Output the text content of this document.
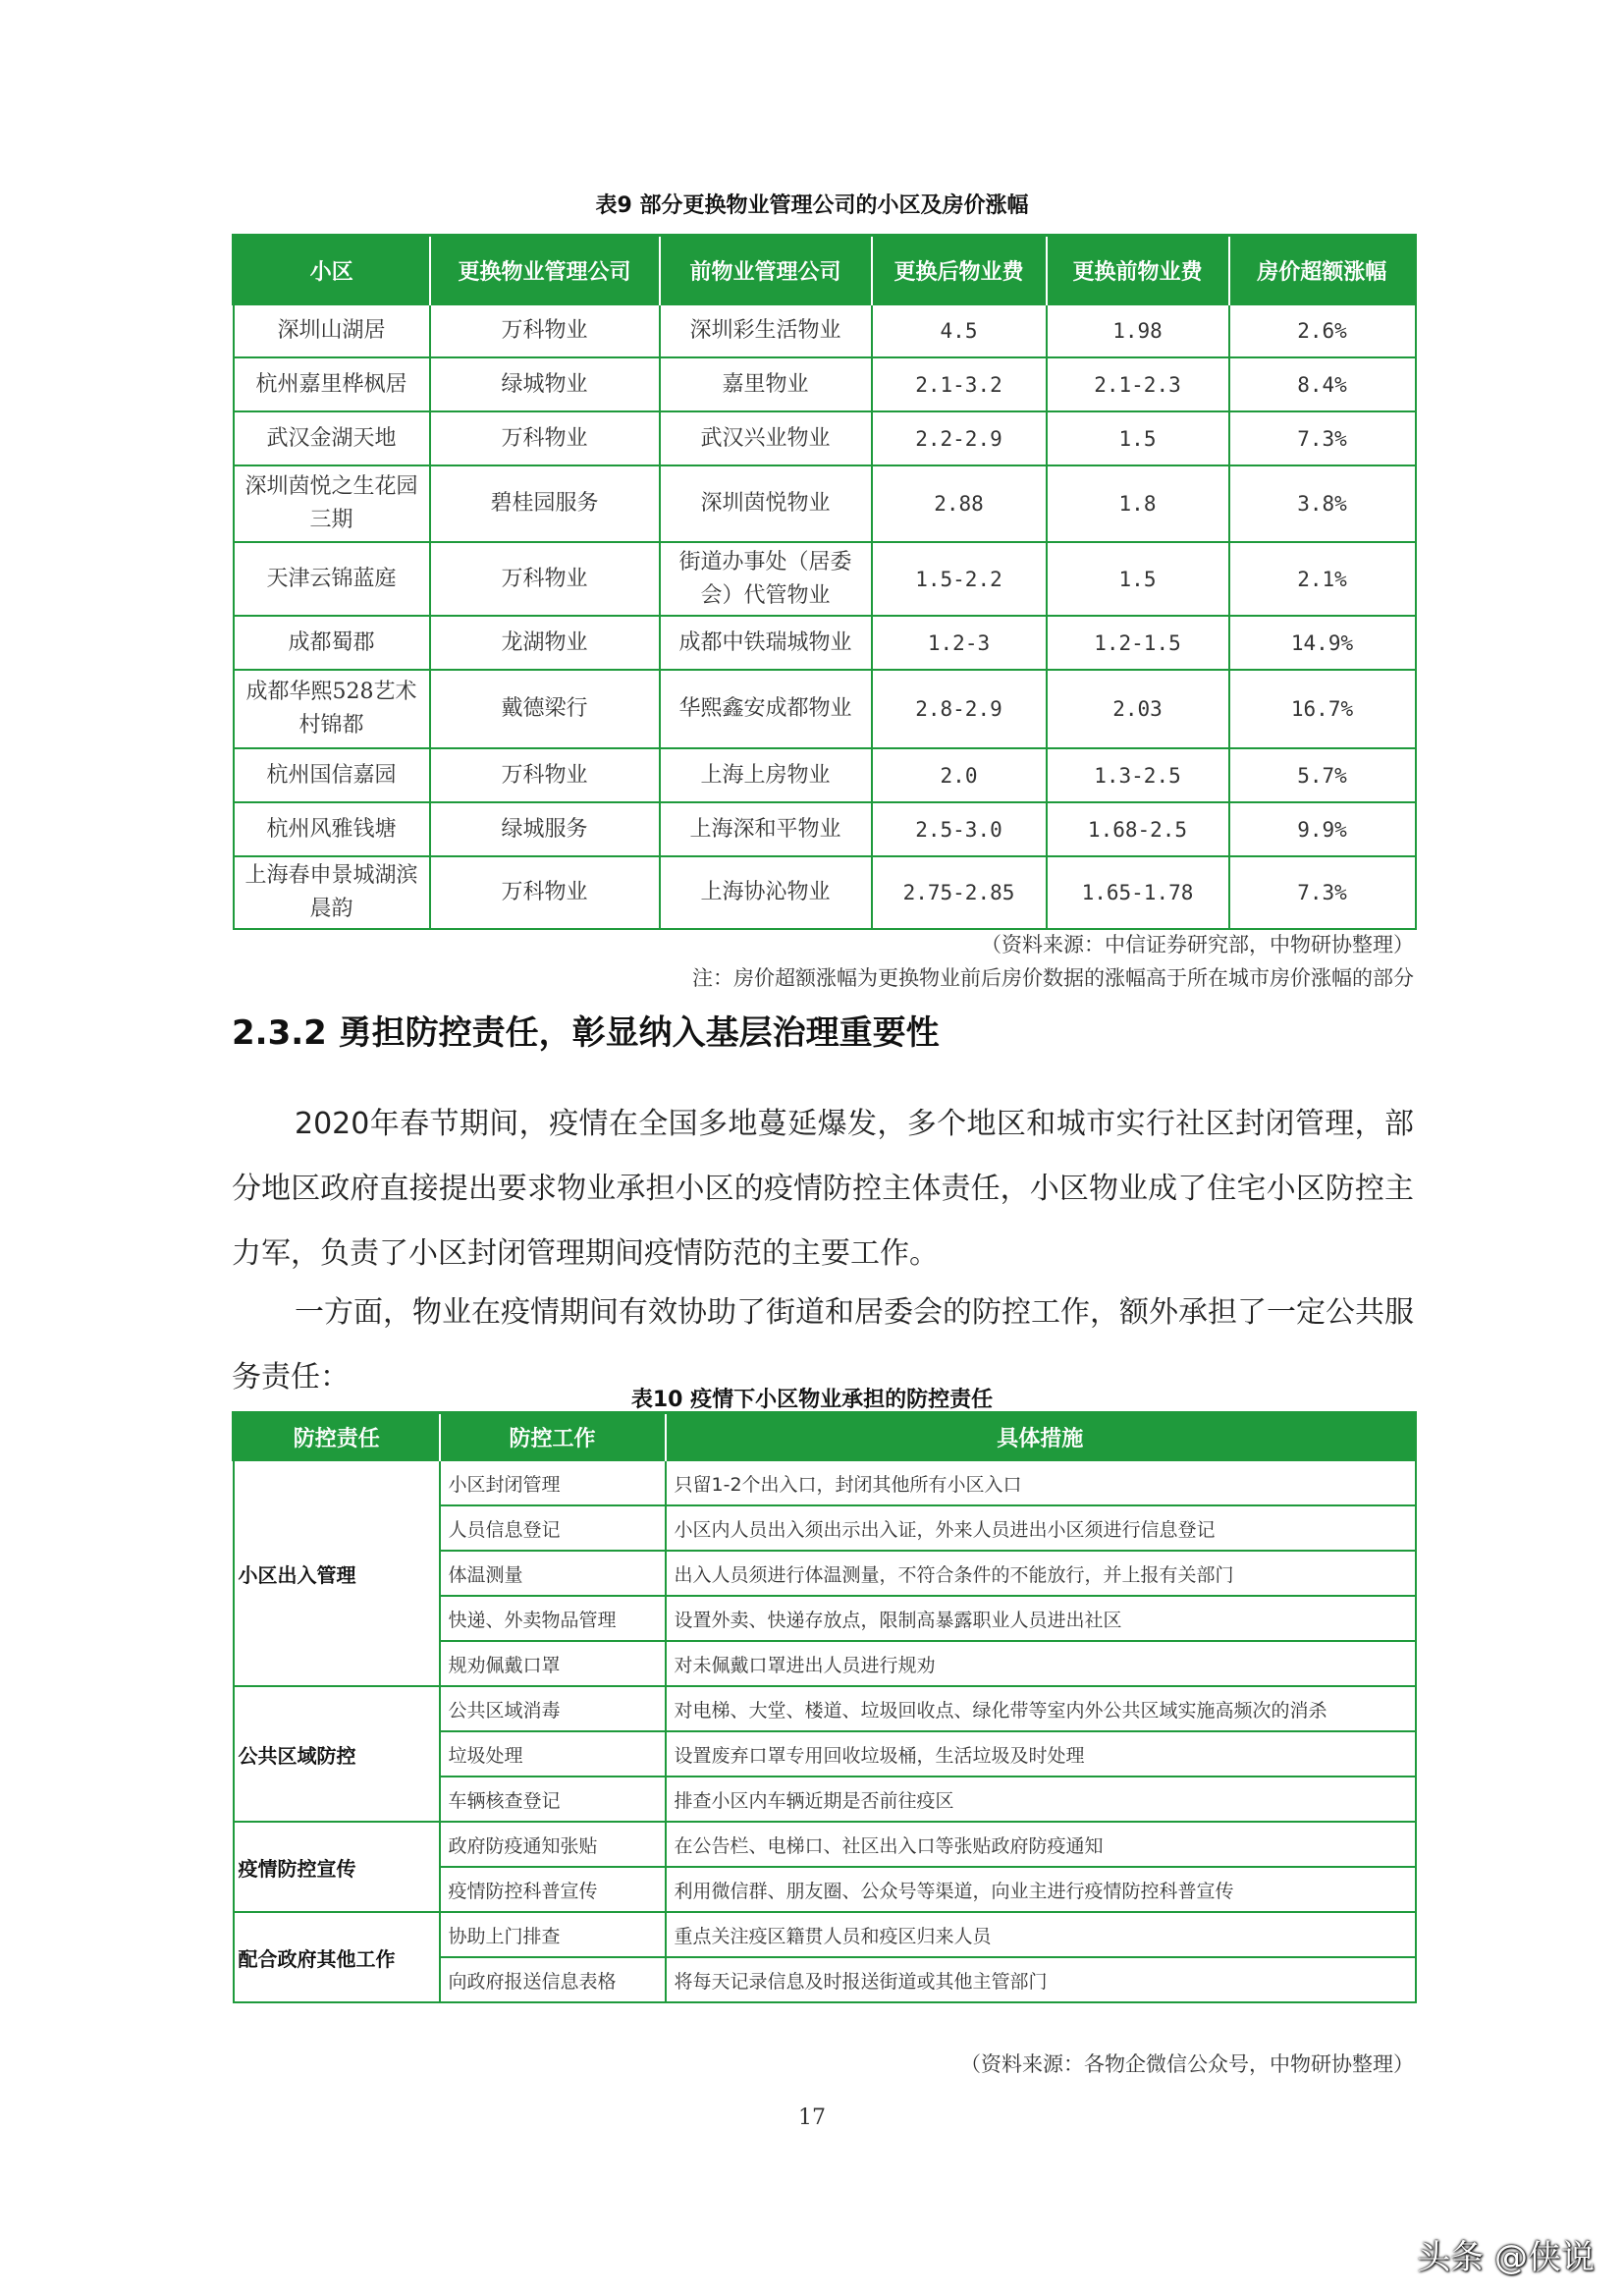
表9 部分更换物业管理公司的小区及房价涨幅
小区	更换物业管理公司	前物业管理公司	更换后物业费	更换前物业费	房价超额涨幅
深圳山湖居	万科物业	深圳彩生活物业	4.5	1.98	2.6%
杭州嘉里桦枫居	绿城物业	嘉里物业	2.1-3.2	2.1-2.3	8.4%
武汉金湖天地	万科物业	武汉兴业物业	2.2-2.9	1.5	7.3%
深圳茵悦之生花园三期	碧桂园服务	深圳茵悦物业	2.88	1.8	3.8%
天津云锦蓝庭	万科物业	街道办事处（居委会）代管物业	1.5-2.2	1.5	2.1%
成都蜀郡	龙湖物业	成都中铁瑞城物业	1.2-3	1.2-1.5	14.9%
成都华熙528艺术村锦都	戴德梁行	华熙鑫安成都物业	2.8-2.9	2.03	16.7%
杭州国信嘉园	万科物业	上海上房物业	2.0	1.3-2.5	5.7%
杭州风雅钱塘	绿城服务	上海深和平物业	2.5-3.0	1.68-2.5	9.9%
上海春申景城湖滨晨韵	万科物业	上海协沁物业	2.75-2.85	1.65-1.78	7.3%
（资料来源：中信证券研究部，中物研协整理）
注：房价超额涨幅为更换物业前后房价数据的涨幅高于所在城市房价涨幅的部分
2.3.2 勇担防控责任，彰显纳入基层治理重要性
2020年春节期间，疫情在全国多地蔓延爆发，多个地区和城市实行社区封闭管理，部分地区政府直接提出要求物业承担小区的疫情防控主体责任，小区物业成了住宅小区防控主力军，负责了小区封闭管理期间疫情防范的主要工作。
一方面，物业在疫情期间有效协助了街道和居委会的防控工作，额外承担了一定公共服务责任：
表10 疫情下小区物业承担的防控责任
防控责任	防控工作	具体措施
小区出入管理	小区封闭管理	只留1-2个出入口，封闭其他所有小区入口
	人员信息登记	小区内人员出入须出示出入证，外来人员进出小区须进行信息登记
	体温测量	出入人员须进行体温测量，不符合条件的不能放行，并上报有关部门
	快递、外卖物品管理	设置外卖、快递存放点，限制高暴露职业人员进出社区
	规劝佩戴口罩	对未佩戴口罩进出人员进行规劝
公共区域防控	公共区域消毒	对电梯、大堂、楼道、垃圾回收点、绿化带等室内外公共区域实施高频次的消杀
	垃圾处理	设置废弃口罩专用回收垃圾桶，生活垃圾及时处理
	车辆核查登记	排查小区内车辆近期是否前往疫区
疫情防控宣传	政府防疫通知张贴	在公告栏、电梯口、社区出入口等张贴政府防疫通知
	疫情防控科普宣传	利用微信群、朋友圈、公众号等渠道，向业主进行疫情防控科普宣传
配合政府其他工作	协助上门排查	重点关注疫区籍贯人员和疫区归来人员
	向政府报送信息表格	将每天记录信息及时报送街道或其他主管部门
（资料来源：各物企微信公众号，中物研协整理）
17
头条 @侠说
